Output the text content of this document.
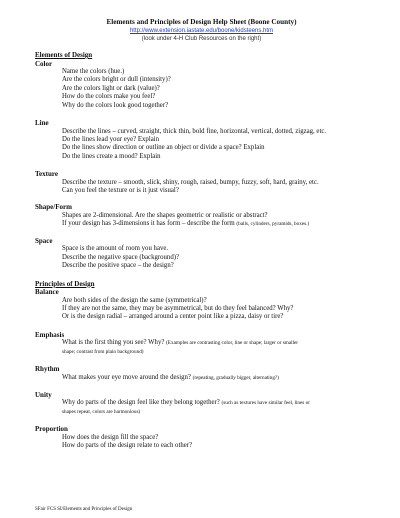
Elements and Principles of Design Help Sheet (Boone County)

http://www.extension.iastate.edu/boone/kidsteens.htm
(look under 4-H Club Resources on the right)

Elements of Design

Color

Name the colors (hue.)

Are the colors bright or dull (intensity)?

Are the colors light or dark (value)?

How do the colors make you feel?

Why do the colors look good together?

Line

Describe the lines – curved, straight, thick thin, bold fine, horizontal, vertical, dotted, zigzag, etc.

Do the lines lead your eye? Explain

Do the lines show direction or outline an object or divide a space? Explain

Do the lines create a mood? Explain

Texture

Describe the texture – smooth, slick, shiny, rough, raised, bumpy, fuzzy, soft, hard, grainy, etc.

Can you feel the texture or is it just visual?

Shape/Form

Shapes are 2-dimensional. Are the shapes geometric or realistic or abstract?

If your design has 3-dimensions it has form – describe the form (balls, cylinders, pyramids, boxes.)

Space

Space is the amount of room you have.

Describe the negative space (background)?

Describe the positive space – the design?

Principles of Design

Balance

Are both sides of the design the same (symmetrical)?

If they are not the same, they may be asymmetrical, but do they feel balanced? Why?

Or is the design radial – arranged around a center point like a pizza, daisy or tire?

Emphasis

What is the first thing you see? Why? (Examples are contrasting color, line or shape; larger or smaller

shape; contrast from plain background)

Rhythm

What makes your eye move around the design? (repeating, gradually bigger, alternating?)

Unity

Why do parts of the design feel like they belong together? (such as textures have similar feel, lines or

shapes repeat, colors are harmonious)

Proportion

How does the design fill the space?

How do parts of the design relate to each other?

SFair FCS SI/Elements and Principles of Design
